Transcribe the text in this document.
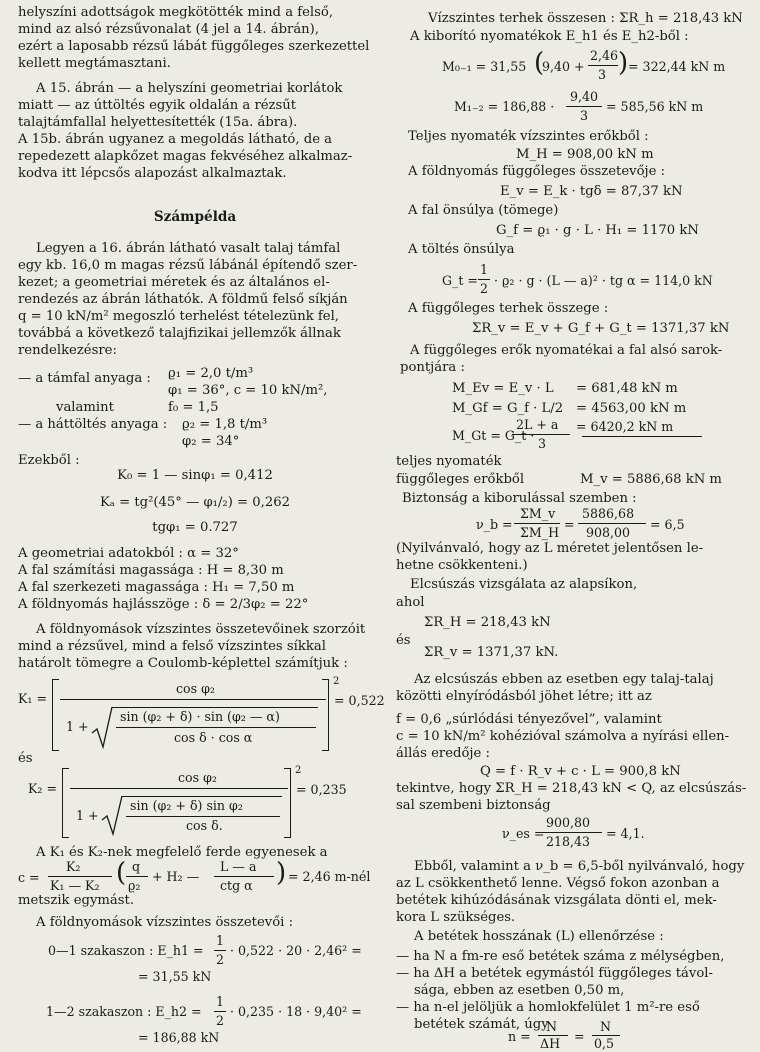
helyszíni adottságok megkötötték mind a felső,
mind az alsó rézsűvonalat (4 jel a 14. ábrán),
ezért a laposabb rézsű lábát függőleges szerkezettel
kellett megtámasztani.
A 15. ábrán — a helyszíni geometriai korlátok
miatt — az úttöltés egyik oldalán a rézsűt
talajtámfallal helyettesítették (15a. ábra).
A 15b. ábrán ugyanez a megoldás látható, de a
repedezett alapkőzet magas fekvéséhez alkalmaz-
kodva itt lépcsős alapozást alkalmaztak.
Számpélda
Legyen a 16. ábrán látható vasalt talaj támfal
egy kb. 16,0 m magas rézsű lábánál építendő szer-
kezet; a geometriai méretek és az általános el-
rendezés az ábrán láthatók. A földmű felső síkján
q = 10 kN/m² megoszló terhelést tételezünk fel,
továbbá a következő talajfizikai jellemzők állnak
rendelkezésre:
— a támfal anyaga : ϱ₁ = 2,0 t/m³
φ₁ = 36°, c = 10 kN/m²,
valamint	f₀ = 1,5
— a háttöltés anyaga : ϱ₂ = 1,8 t/m³
φ₂ = 34°
Ezekből :
K₀ = 1 — sinφ₁ = 0,412
Kₐ = tg²(45° — φ₁/₂) = 0,262
tgφ₁ = 0.727
A geometriai adatokból : α = 32°
A fal számítási magassága : H = 8,30 m
A fal szerkezeti magassága : H₁ = 7,50 m
A földnyomás hajlásszöge : δ = 2/3φ₂ = 22°
A földnyomások vízszintes összetevőinek szorzóit
mind a rézsűvel, mind a felső vízszintes síkkal
határolt tömegre a Coulomb-képlettel számítjuk :
K₁ =
cos φ₂
1 +
sin (φ₂ + δ) · sin (φ₂ — α)
cos δ · cos α
2
= 0,522
és
K₂ =
cos φ₂
1 +
sin (φ₂ + δ) sin φ₂
cos δ.
2
= 0,235
A K₁ és K₂-nek megfelelő ferde egyenesek a
c =
K₂
K₁ — K₂ ( q
ϱ₂
+ H₂ —
L — a
ctg α ) = 2,46 m-nél
metszik egymást.
A földnyomások vízszintes összetevői :
0—1 szakaszon : E_h1 =
1
2
· 0,522 · 20 · 2,46² =
= 31,55 kN
1—2 szakaszon : E_h2 =
1
2
· 0,235 · 18 · 9,40² =
= 186,88 kN
Vízszintes terhek összesen : ΣR_h = 218,43 kN
A kiborító nyomatékok E_h1 és E_h2-ből :
M₀₋₁ = 31,55 (
9,40 +
2,46
3 ) = 322,44 kN m
M₁₋₂ = 186,88 ·
9,40
3
= 585,56 kN m
Teljes nyomaték vízszintes erőkből :
M_H = 908,00 kN m
A földnyomás függőleges összetevője :
E_v = E_k · tgδ = 87,37 kN
A fal önsúlya (tömege)
G_f = ϱ₁ · g · L · H₁ = 1170 kN
A töltés önsúlya
G_t =
1
2
· ϱ₂ · g · (L — a)² · tg α = 114,0 kN
A függőleges terhek összege :
ΣR_v = E_v + G_f + G_t = 1371,37 kN
A függőleges erők nyomatékai a fal alsó sarok-
pontjára :
M_Ev = E_v · L = 681,48 kN m
M_Gf = G_f · L/2 = 4563,00 kN m
M_Gt = G_t ·
2L + a
3
= 6420,2 kN m
teljes nyomaték
függőleges erőkből	M_v = 5886,68 kN m
Biztonság a kiborulással szemben :
ν_b =
ΣM_v
ΣM_H
=
5886,68
908,00
= 6,5
(Nyilvánvaló, hogy az L méretet jelentősen le-
hetne csökkenteni.)
Elcsúszás vizsgálata az alapsíkon,
ahol
ΣR_H = 218,43 kN
és
ΣR_v = 1371,37 kN.
Az elcsúszás ebben az esetben egy talaj-talaj
közötti elnyíródásból jöhet létre; itt az
f = 0,6 „súrlódási tényezővel”, valamint
c = 10 kN/m² kohézióval számolva a nyírási ellen-
állás eredője :
Q = f · R_v + c · L = 900,8 kN
tekintve, hogy ΣR_H = 218,43 kN < Q, az elcsúszás-
sal szembeni biztonság
ν_es =
900,80
218,43
= 4,1.
Ebből, valamint a ν_b = 6,5-ből nyilvánvaló, hogy
az L csökkenthető lenne. Végső fokon azonban a
betétek kihúzódásának vizsgálata dönti el, mek-
kora L szükséges.
A betétek hosszának (L) ellenőrzése :
— ha N a fm-re eső betétek száma z mélységben,
— ha ΔH a betétek egymástól függőleges távol-
sága, ebben az esetben 0,50 m,
— ha n-el jelöljük a homlokfelület 1 m²-re eső
betétek számát, úgy
n =
N
ΔH =
N
0,5
